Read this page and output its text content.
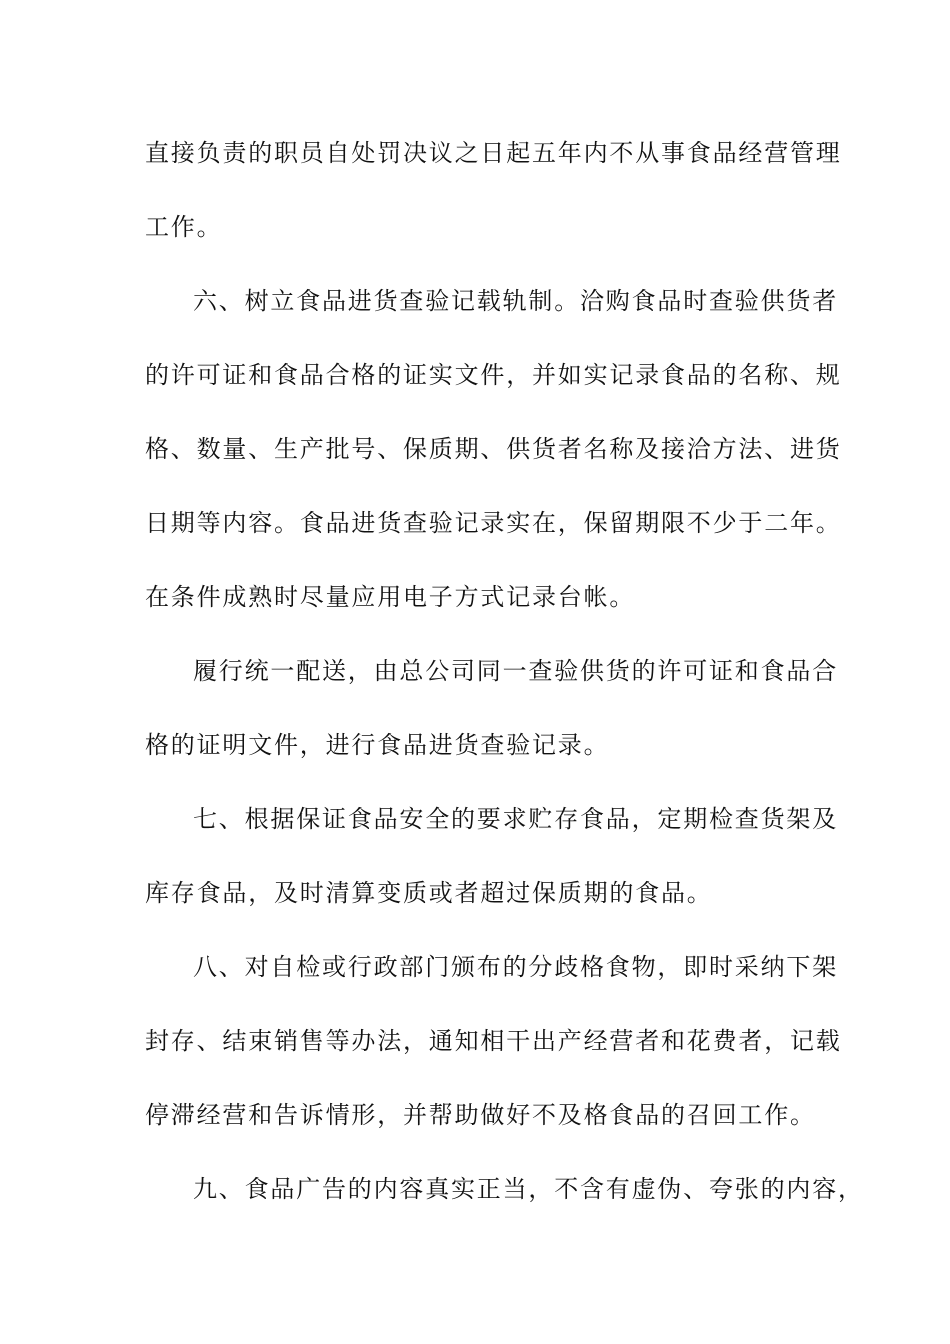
直接负责的职员自处罚决议之日起五年内不从事食品经营管理
工作。
六、树立食品进货查验记载轨制。洽购食品时查验供货者
的许可证和食品合格的证实文件，并如实记录食品的名称、规
格、数量、生产批号、保质期、供货者名称及接洽方法、进货
日期等内容。食品进货查验记录实在，保留期限不少于二年。
在条件成熟时尽量应用电子方式记录台帐。
履行统一配送，由总公司同一查验供货的许可证和食品合
格的证明文件，进行食品进货查验记录。
七、根据保证食品安全的要求贮存食品，定期检查货架及
库存食品，及时清算变质或者超过保质期的食品。
八、对自检或行政部门颁布的分歧格食物，即时采纳下架
封存、结束销售等办法，通知相干出产经营者和花费者，记载
停滞经营和告诉情形，并帮助做好不及格食品的召回工作。
九、食品广告的内容真实正当，不含有虚伪、夸张的内容，
